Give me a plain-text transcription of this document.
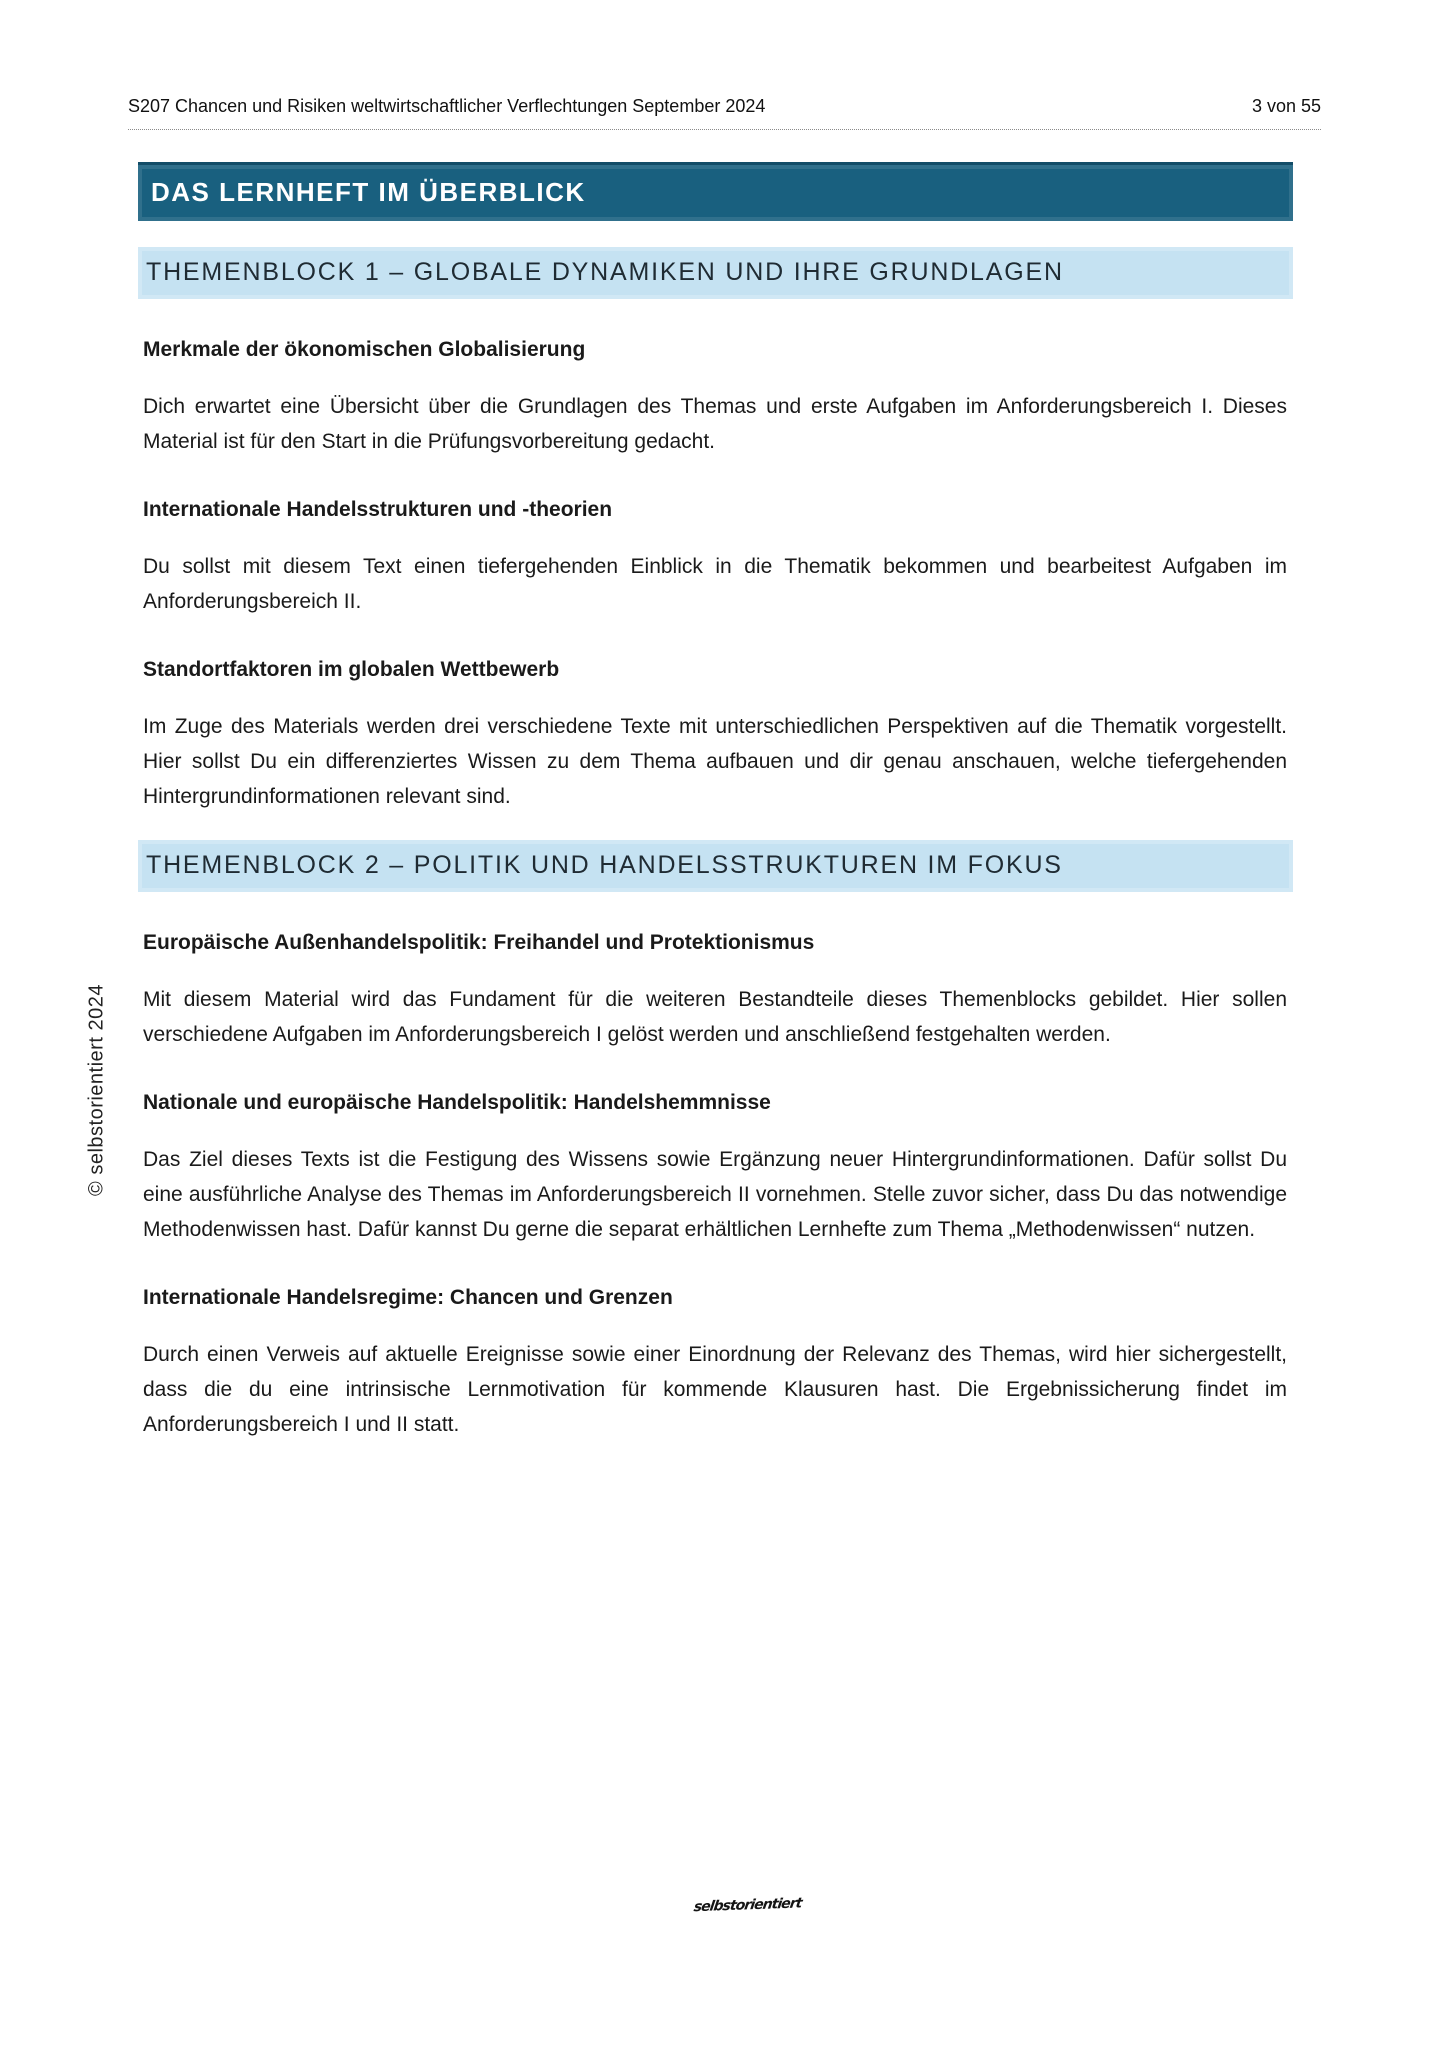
S207 Chancen und Risiken weltwirtschaftlicher Verflechtungen September 2024	3 von 55
DAS LERNHEFT IM ÜBERBLICK
THEMENBLOCK 1 – GLOBALE DYNAMIKEN UND IHRE GRUNDLAGEN
Merkmale der ökonomischen Globalisierung

Dich erwartet eine Übersicht über die Grundlagen des Themas und erste Aufgaben im Anforderungsbereich I. Dieses Material ist für den Start in die Prüfungsvorbereitung gedacht.

Internationale Handelsstrukturen und -theorien

Du sollst mit diesem Text einen tiefergehenden Einblick in die Thematik bekommen und bearbeitest Aufgaben im Anforderungsbereich II.

Standortfaktoren im globalen Wettbewerb

Im Zuge des Materials werden drei verschiedene Texte mit unterschiedlichen Perspektiven auf die Thematik vorgestellt. Hier sollst Du ein differenziertes Wissen zu dem Thema aufbauen und dir genau anschauen, welche tiefergehenden Hintergrundinformationen relevant sind.

THEMENBLOCK 2 – POLITIK UND HANDELSSTRUKTUREN IM FOKUS
Europäische Außenhandelspolitik: Freihandel und Protektionismus

Mit diesem Material wird das Fundament für die weiteren Bestandteile dieses Themenblocks gebildet. Hier sollen verschiedene Aufgaben im Anforderungsbereich I gelöst werden und anschließend festgehalten werden.

Nationale und europäische Handelspolitik: Handelshemmnisse

Das Ziel dieses Texts ist die Festigung des Wissens sowie Ergänzung neuer Hintergrundinformationen. Dafür sollst Du eine ausführliche Analyse des Themas im Anforderungsbereich II vornehmen. Stelle zuvor sicher, dass Du das notwendige Methodenwissen hast. Dafür kannst Du gerne die separat erhältlichen Lernhefte zum Thema „Methodenwissen“ nutzen.

Internationale Handelsregime: Chancen und Grenzen

Durch einen Verweis auf aktuelle Ereignisse sowie einer Einordnung der Relevanz des Themas, wird hier sichergestellt, dass die du eine intrinsische Lernmotivation für kommende Klausuren hast. Die Ergebnissicherung findet im Anforderungsbereich I und II statt.

© selbstorientiert 2024
selbstorientiert
